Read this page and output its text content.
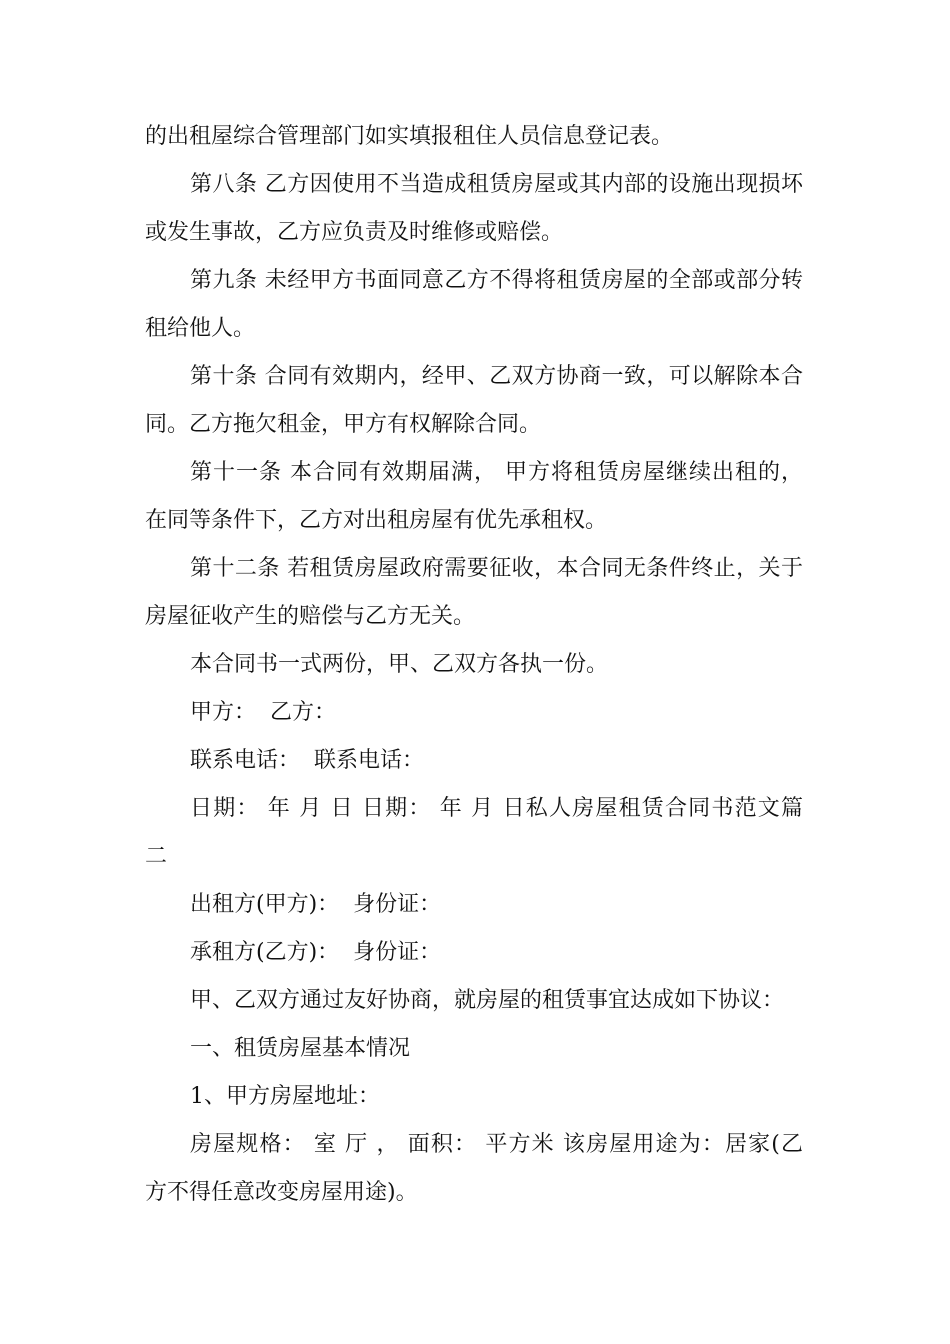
的出租屋综合管理部门如实填报租住人员信息登记表。
第八条 乙方因使用不当造成租赁房屋或其内部的设施出现损坏
或发生事故，乙方应负责及时维修或赔偿。
第九条 未经甲方书面同意乙方不得将租赁房屋的全部或部分转
租给他人。
第十条 合同有效期内，经甲、乙双方协商一致，可以解除本合
同。乙方拖欠租金，甲方有权解除合同。
第十一条 本合同有效期届满， 甲方将租赁房屋继续出租的，
在同等条件下，乙方对出租房屋有优先承租权。
第十二条 若租赁房屋政府需要征收，本合同无条件终止，关于
房屋征收产生的赔偿与乙方无关。
本合同书一式两份，甲、乙双方各执一份。
甲方：  乙方：
联系电话：  联系电话：
日期： 年 月 日 日期： 年 月 日私人房屋租赁合同书范文篇
二
出租方(甲方)：  身份证：
承租方(乙方)：  身份证：
甲、乙双方通过友好协商，就房屋的租赁事宜达成如下协议：
一、租赁房屋基本情况
1、甲方房屋地址：
房屋规格： 室 厅 ， 面积： 平方米 该房屋用途为：居家(乙
方不得任意改变房屋用途)。
